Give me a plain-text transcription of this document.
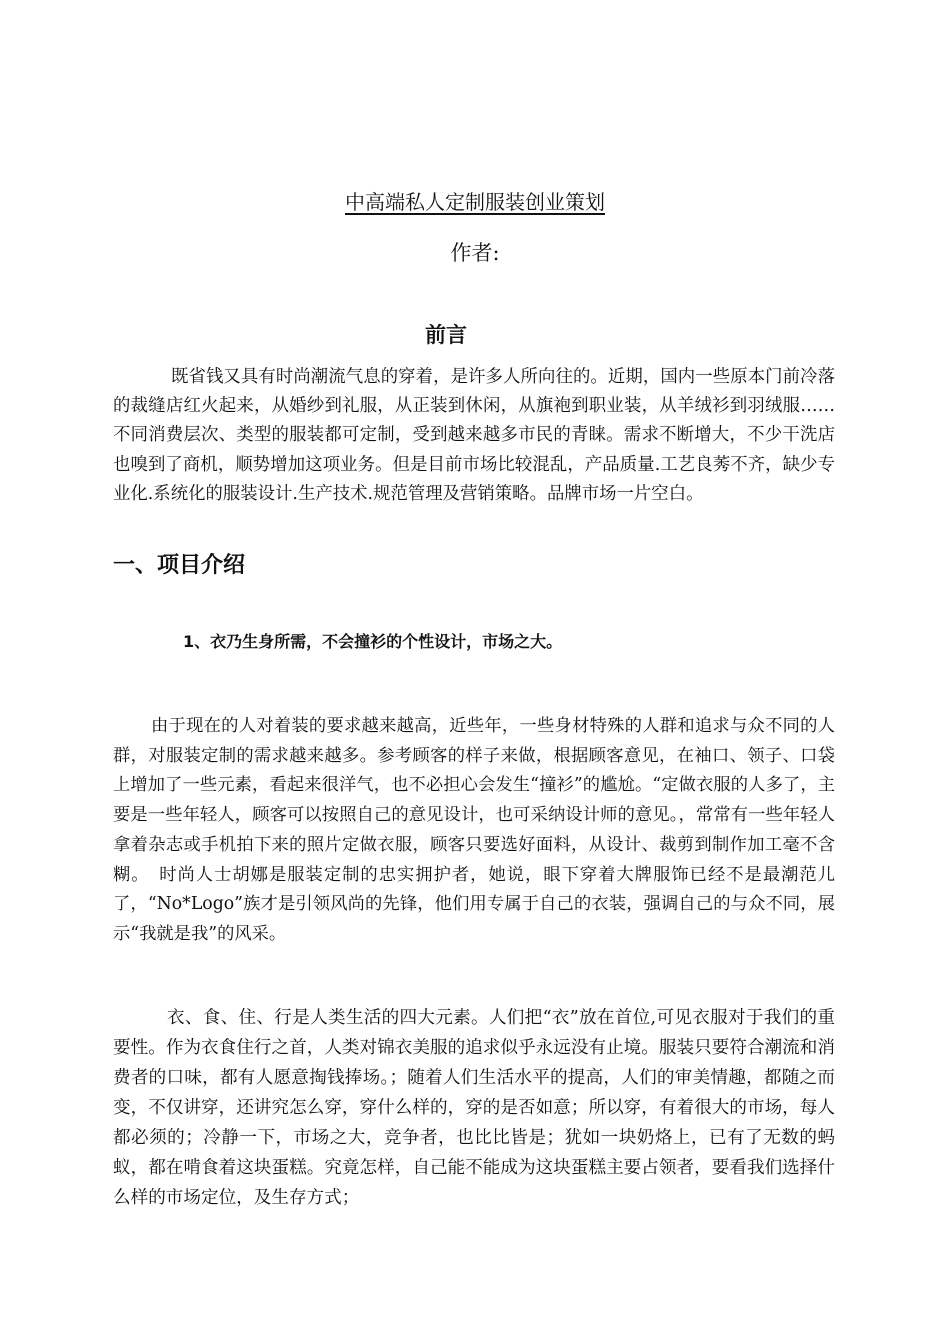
中高端私人定制服装创业策划
作者:
前言
既省钱又具有时尚潮流气息的穿着，是许多人所向往的。近期，国内一些原本门前冷落的裁缝店红火起来，从婚纱到礼服，从正装到休闲，从旗袍到职业装，从羊绒衫到羽绒服……不同消费层次、类型的服装都可定制，受到越来越多市民的青睐。需求不断增大，不少干洗店也嗅到了商机，顺势增加这项业务。但是目前市场比较混乱，产品质量.工艺良莠不齐，缺少专业化.系统化的服装设计.生产技术.规范管理及营销策略。品牌市场一片空白。
一、项目介绍
1、衣乃生身所需，不会撞衫的个性设计，市场之大。
由于现在的人对着装的要求越来越高，近些年，一些身材特殊的人群和追求与众不同的人群，对服装定制的需求越来越多。参考顾客的样子来做，根据顾客意见，在袖口、领子、口袋上增加了一些元素，看起来很洋气，也不必担心会发生“撞衫”的尴尬。“定做衣服的人多了，主要是一些年轻人，顾客可以按照自己的意见设计，也可采纳设计师的意见。，常常有一些年轻人拿着杂志或手机拍下来的照片定做衣服，顾客只要选好面料，从设计、裁剪到制作加工毫不含糊。　时尚人士胡娜是服装定制的忠实拥护者，她说，眼下穿着大牌服饰已经不是最潮范儿了，“No*Logo”族才是引领风尚的先锋，他们用专属于自己的衣装，强调自己的与众不同，展示“我就是我”的风采。
衣、食、住、行是人类生活的四大元素。人们把“衣”放在首位,可见衣服对于我们的重要性。作为衣食住行之首，人类对锦衣美服的追求似乎永远没有止境。服装只要符合潮流和消费者的口味，都有人愿意掏钱捧场。；随着人们生活水平的提高，人们的审美情趣，都随之而变，不仅讲穿，还讲究怎么穿，穿什么样的，穿的是否如意；所以穿，有着很大的市场，每人都必须的；冷静一下，市场之大，竞争者，也比比皆是；犹如一块奶烙上，已有了无数的蚂蚁，都在啃食着这块蛋糕。究竟怎样，自己能不能成为这块蛋糕主要占领者，要看我们选择什么样的市场定位，及生存方式；
